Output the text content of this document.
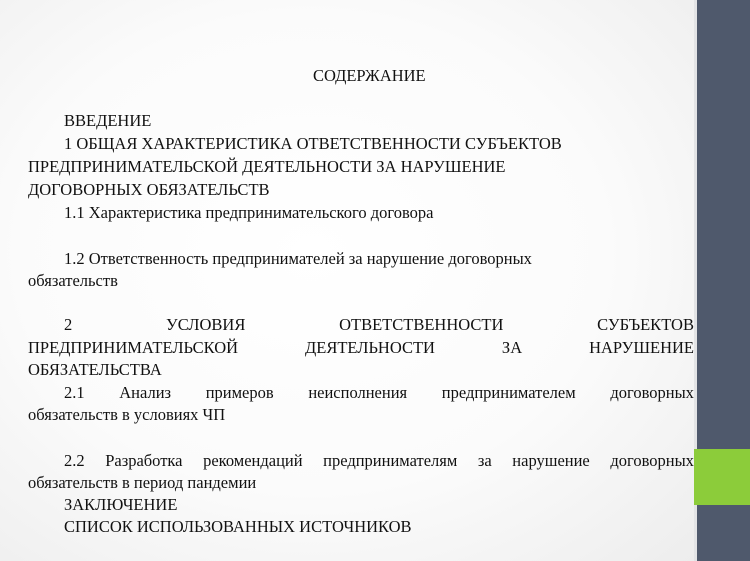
СОДЕРЖАНИЕ
ВВЕДЕНИЕ
1 ОБЩАЯ ХАРАКТЕРИСТИКА ОТВЕТСТВЕННОСТИ СУБЪЕКТОВ
ПРЕДПРИНИМАТЕЛЬСКОЙ ДЕЯТЕЛЬНОСТИ ЗА НАРУШЕНИЕ
ДОГОВОРНЫХ ОБЯЗАТЕЛЬСТВ
1.1 Характеристика предпринимательского договора
1.2 Ответственность предпринимателей за нарушение договорных
обязательств
2	УСЛОВИЯ	ОТВЕТСТВЕННОСТИ	СУБЪЕКТОВ
ПРЕДПРИНИМАТЕЛЬСКОЙ	ДЕЯТЕЛЬНОСТИ	ЗА	НАРУШЕНИЕ
ОБЯЗАТЕЛЬСТВА
2.1 Анализ примеров неисполнения предпринимателем договорных
обязательств в условиях ЧП
2.2 Разработка рекомендаций предпринимателям за нарушение договорных
обязательств в период пандемии
ЗАКЛЮЧЕНИЕ
СПИСОК ИСПОЛЬЗОВАННЫХ ИСТОЧНИКОВ
